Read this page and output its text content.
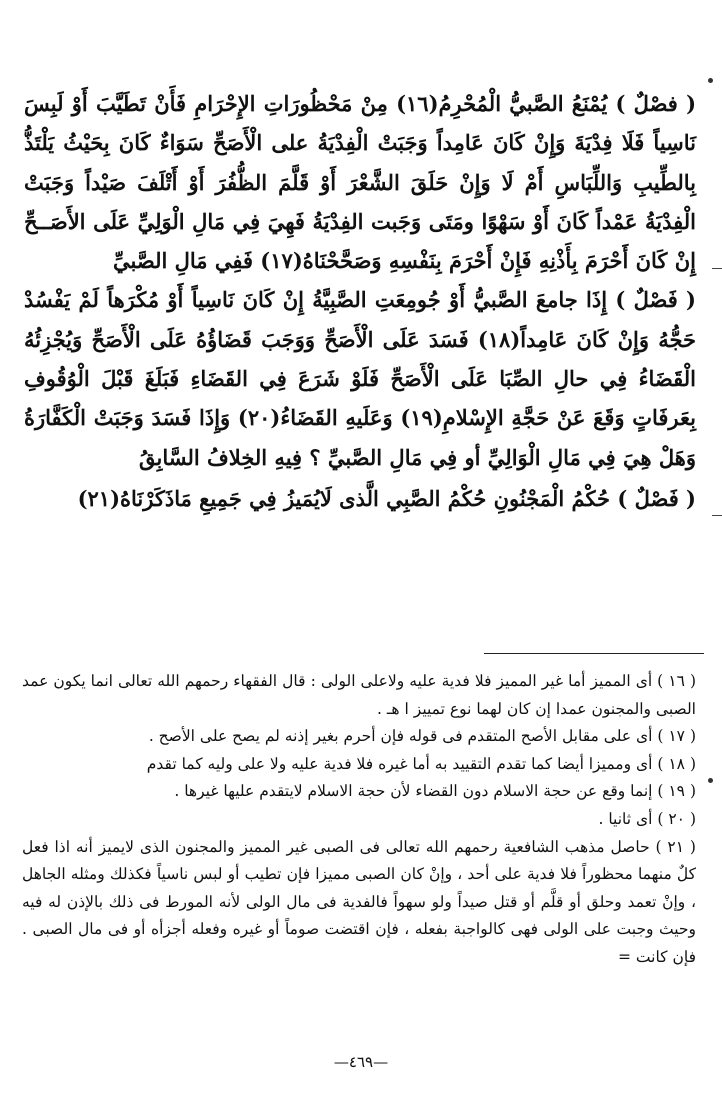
( فصْلٌ ) يُمْنَعُ الصَّبيُّ الْمُحْرِمُ(١٦) مِنْ مَحْظُورَاتِ الإِحْرَامِ فَأَنْ تَطَيَّبَ أَوْ لَبِسَ نَاسِياً فَلَا فِدْيَةَ وَإِنْ كَانَ عَامِداً وَجَبَتْ الْفِدْيَةُ على الْأَصَحِّ سَوَاءٌ كَانَ بِحَيْثُ يَلْتَذُّ بِالطِّيبِ وَاللِّبَاسِ أَمْ لَا وَإِنْ حَلَقَ الشَّعْرَ أَوْ قَلَّمَ الظُّفُرَ أَوْ أَتْلَفَ صَيْداً وَجَبَتْ الْفِدْيَةُ عَمْداً كَانَ أَوْ سَهْوًا ومَتَى وَجَبت الفِدْيَةُ فَهِيَ فِي مَالِ الْوَلِيِّ عَلَى الأَصَــحِّ إِنْ كَانَ أَحْرَمَ بِأَذْنِهِ فَإِنْ أَحْرَمَ بِنَفْسِهِ وَصَحَّحْنَاهُ(١٧) فَفِي مَالِ الصَّبيِّ

( فَصْلٌ ) إِذَا جامعَ الصَّبيُّ أَوْ جُومِعَتِ الصَّبِيَّةُ إِنْ كَانَ نَاسِياً أَوْ مُكْرَهاً لَمْ يَفْسُدْ حَجُّهُ وَإِنْ كَانَ عَامِداً(١٨) فَسَدَ عَلَى الْأَصَحِّ وَوَجَبَ قَضَاؤُهُ عَلَى الْأَصَحِّ وَيُجْزِئُهُ الْقَضَاءُ فِي حالِ الصِّبَا عَلَى الْأَصَحِّ فَلَوْ شَرَعَ فِي القَضَاءِ فَبَلَغَ قَبْلَ الْوُقُوفِ بِعَرفَاتٍ وَقَعَ عَنْ حَجَّةِ الإِسْلامِ(١٩) وَعَلَيهِ القَضَاءُ(٢٠) وَإِذَا فَسَدَ وَجَبَتْ الْكَفَّارَةُ وَهَلْ هِيَ فِي مَالِ الْوَالِيِّ أو فِي مَالِ الصَّبيِّ ؟ فِيهِ الخِلافُ السَّابِقُ

( فَصْلٌ ) حُكْمُ الْمَجْنُونِ حُكْمُ الصَّبِي الَّذى لَايُمَيزُ فِي جَمِيعِ مَاذَكَرْنَاهُ(٢١)

( ١٦ ) أى المميز أما غير المميز فلا فدية عليه ولاعلى الولى : قال الفقهاء رحمهم الله تعالى انما يكون عمد الصبى والمجنون عمدا إن كان لهما نوع تمييز ا هـ .

( ١٧ ) أى على مقابل الأصح المتقدم فى قوله فإن أحرم بغير إذنه لم يصح على الأصح .

( ١٨ ) أى ومميزا أيضا كما تقدم التقييد به أما غيره فلا فدية عليه ولا على وليه كما تقدم

( ١٩ ) إنما وقع عن حجة الاسلام دون القضاء لأن حجة الاسلام لايتقدم عليها غيرها .

( ٢٠ ) أى ثانيا .

( ٢١ ) حاصل مذهب الشافعية رحمهم الله تعالى فى الصبى غير المميز والمجنون الذى لايميز أنه اذا فعل كلٌ منهما محظوراً فلا فدية على أحد ، وإنْ كان الصبى مميزا فإن تطيب أو لبس ناسياً فكذلك ومثله الجاهل ، وإنْ تعمد وحلق أو قلَّم أو قتل صيداً ولو سهواً فالفدية فى مال الولى لأنه المورط فى ذلك بالإذن له فيه وحيث وجبت على الولى فهى كالواجبة بفعله ، فإن اقتضت صوماً أو غيره وفعله أجزأه أو فى مال الصبى . فإن كانت =

—٤٦٩—
